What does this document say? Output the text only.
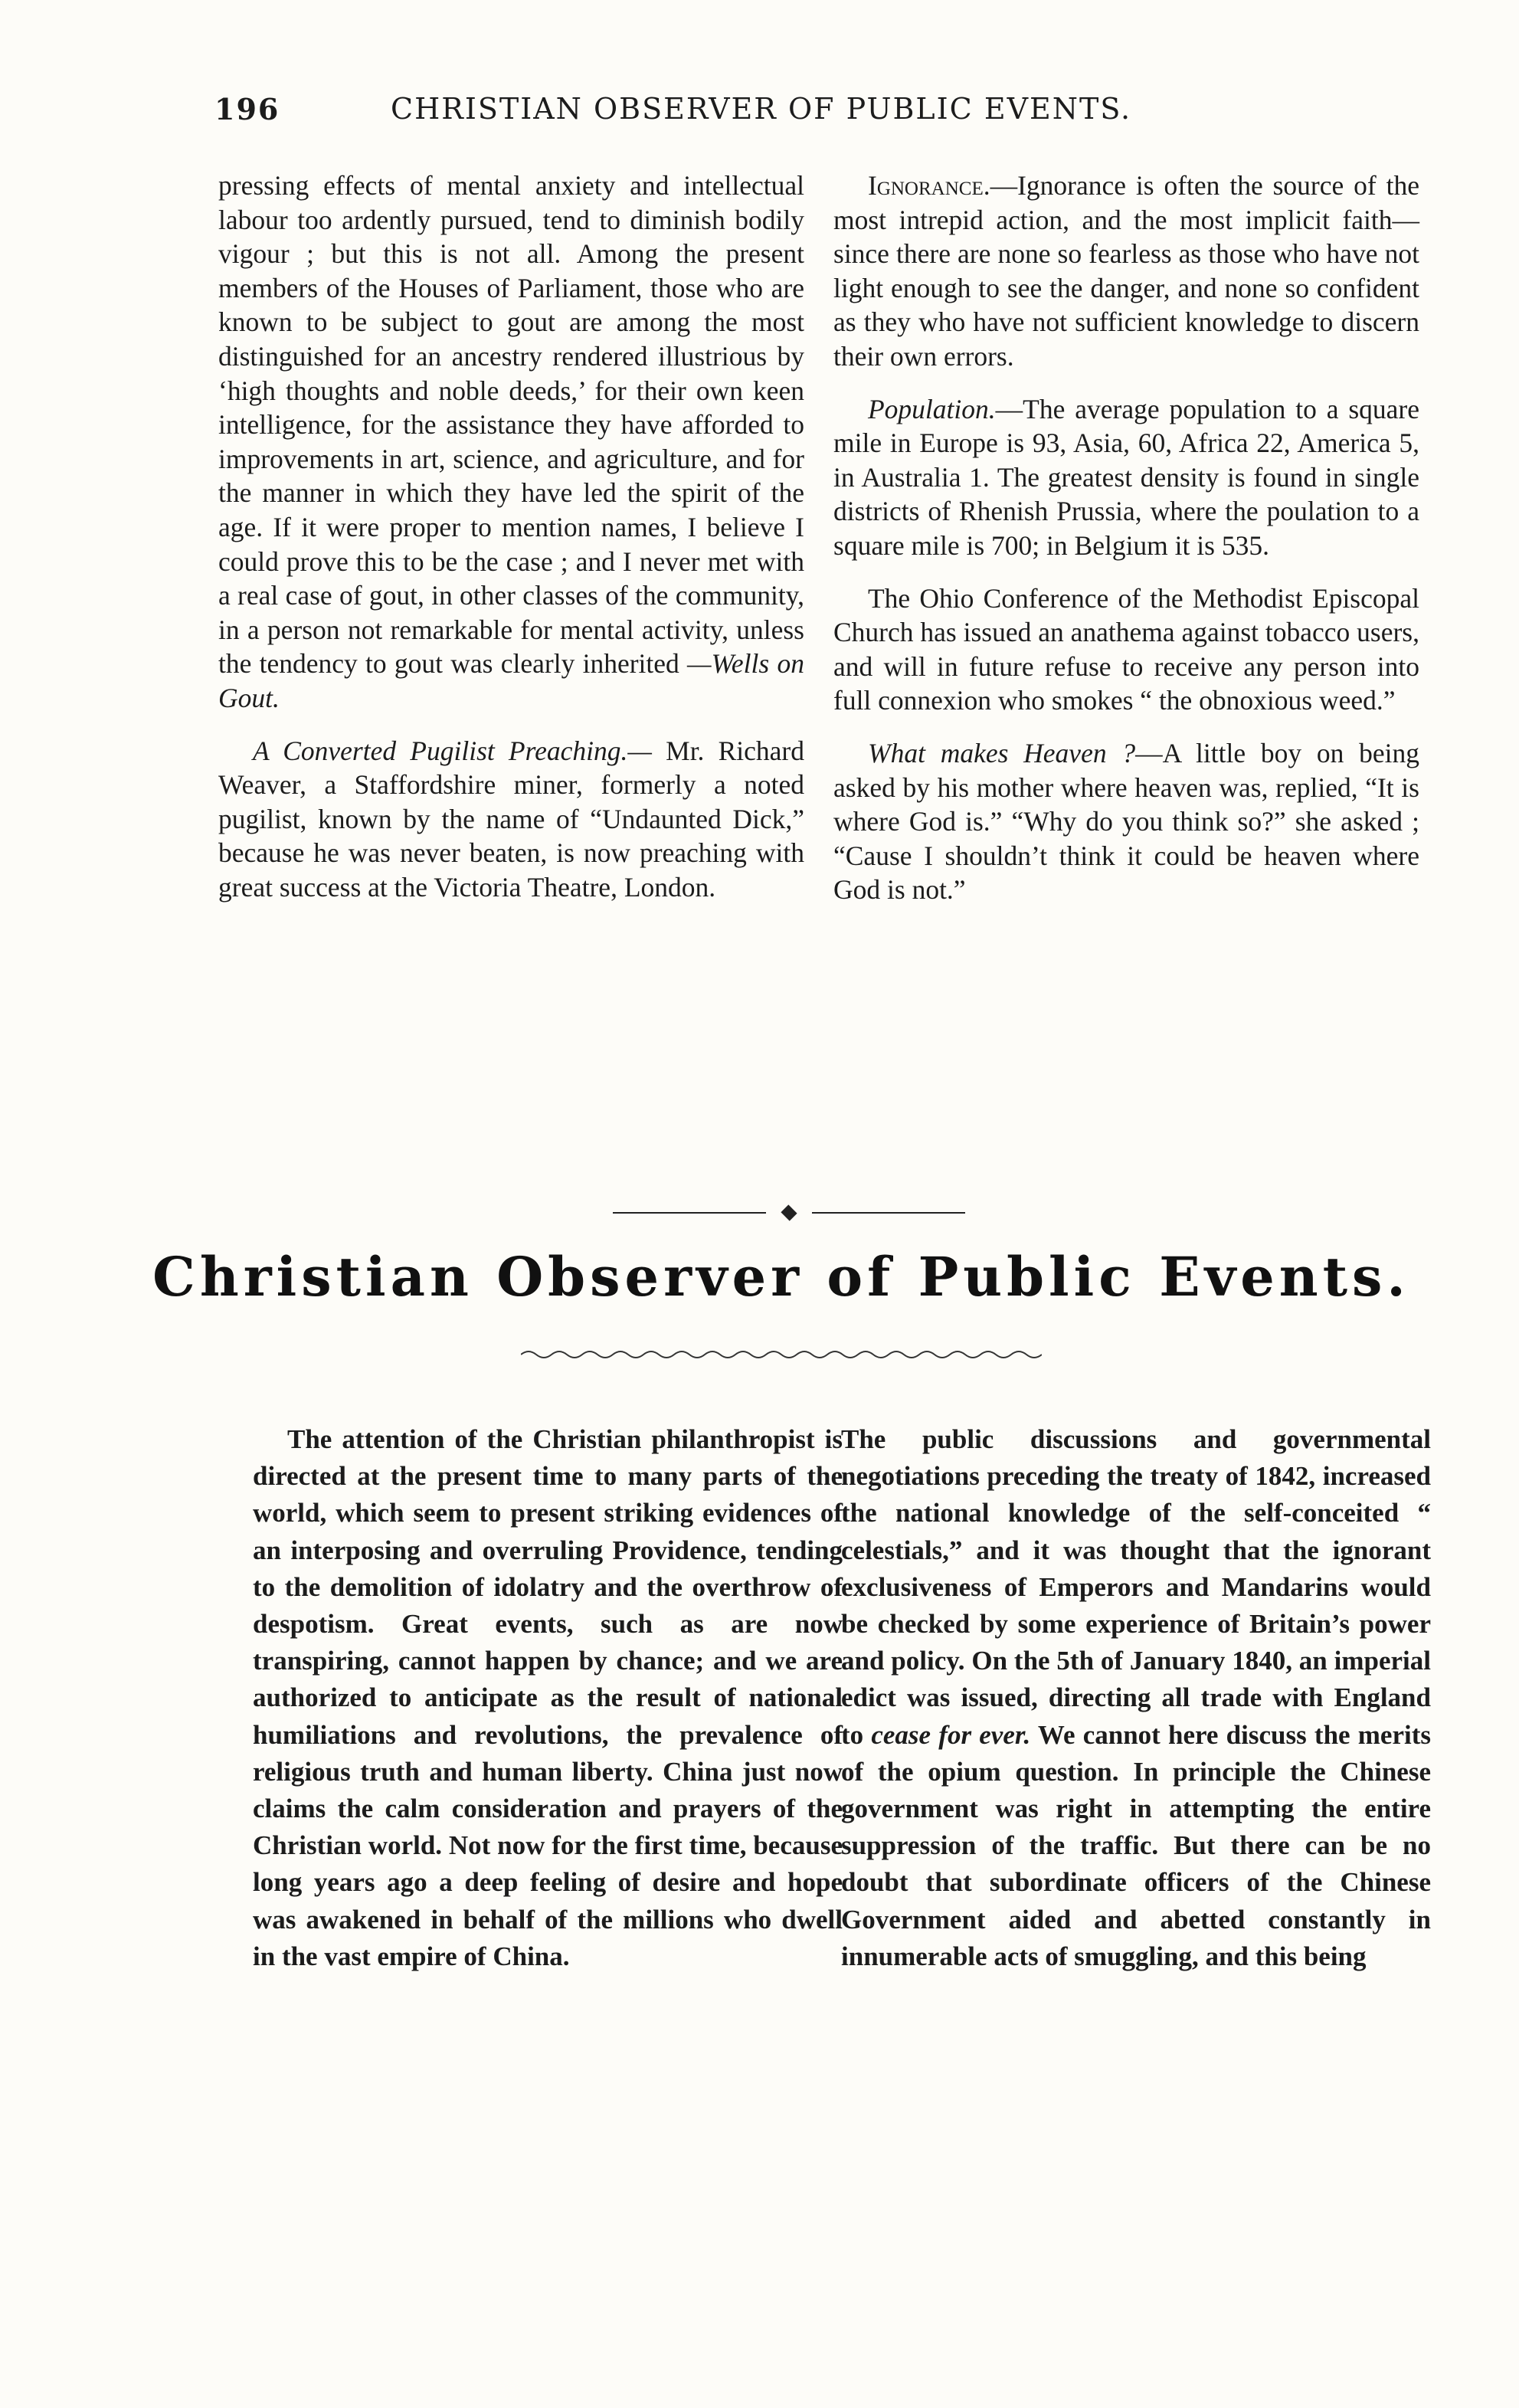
196	CHRISTIAN OBSERVER OF PUBLIC EVENTS.

pressing effects of mental anxiety and intellectual labour too ardently pursued, tend to diminish bodily vigour ; but this is not all. Among the present members of the Houses of Parliament, those who are known to be subject to gout are among the most distinguished for an ancestry rendered illustrious by ‘high thoughts and noble deeds,’ for their own keen intelligence, for the assistance they have afforded to improvements in art, science, and agriculture, and for the manner in which they have led the spirit of the age. If it were proper to mention names, I believe I could prove this to be the case ; and I never met with a real case of gout, in other classes of the community, in a person not remarkable for mental activity, unless the tendency to gout was clearly inherited —Wells on Gout.

A Converted Pugilist Preaching.— Mr. Richard Weaver, a Staffordshire miner, formerly a noted pugilist, known by the name of “Undaunted Dick,” because he was never beaten, is now preaching with great success at the Victoria Theatre, London.

Ignorance.—Ignorance is often the source of the most intrepid action, and the most implicit faith—since there are none so fearless as those who have not light enough to see the danger, and none so confident as they who have not sufficient knowledge to discern their own errors.

Population.—The average population to a square mile in Europe is 93, Asia, 60, Africa 22, America 5, in Australia 1. The greatest density is found in single districts of Rhenish Prussia, where the poulation to a square mile is 700; in Belgium it is 535.

The Ohio Conference of the Methodist Episcopal Church has issued an anathema against tobacco users, and will in future refuse to receive any person into full connexion who smokes “ the obnoxious weed.”

What makes Heaven ?—A little boy on being asked by his mother where heaven was, replied, “It is where God is.” “Why do you think so?” she asked ; “Cause I shouldn’t think it could be heaven where God is not.”

Christian Observer of Public Events.

The attention of the Christian philanthropist is directed at the present time to many parts of the world, which seem to present striking evidences of an interposing and overruling Providence, tending to the demolition of idolatry and the overthrow of despotism. Great events, such as are now transpiring, cannot happen by chance; and we are authorized to anticipate as the result of national humiliations and revolutions, the prevalence of religious truth and human liberty. China just now claims the calm consideration and prayers of the Christian world. Not now for the first time, because long years ago a deep feeling of desire and hope was awakened in behalf of the millions who dwell in the vast empire of China.

The public discussions and governmental negotiations preceding the treaty of 1842, increased the national knowledge of the self-conceited “ celestials,” and it was thought that the ignorant exclusiveness of Emperors and Mandarins would be checked by some experience of Britain’s power and policy. On the 5th of January 1840, an imperial edict was issued, directing all trade with England to cease for ever. We cannot here discuss the merits of the opium question. In principle the Chinese government was right in attempting the entire suppression of the traffic. But there can be no doubt that subordinate officers of the Chinese Government aided and abetted constantly in innumerable acts of smuggling, and this being
